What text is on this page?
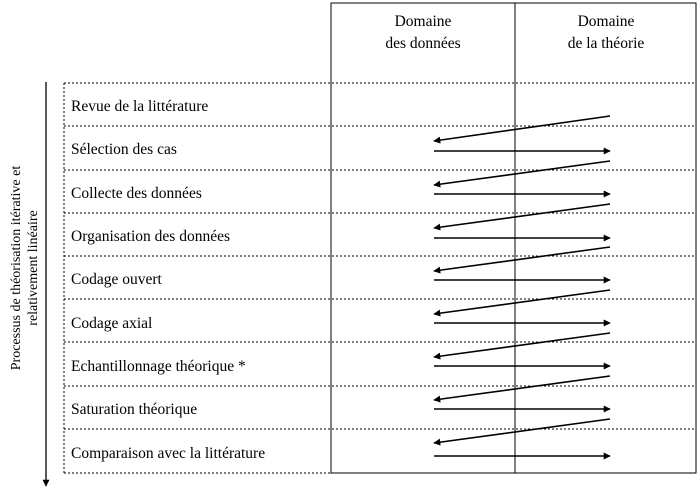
Domaine
des données
Domaine
de la théorie
Revue de la littérature
Sélection des cas
Collecte des données
Organisation des données
Codage ouvert
Codage axial
Echantillonnage théorique *
Saturation théorique
Comparaison avec la littérature
Processus de théorisation itérative et relativement linéaire
